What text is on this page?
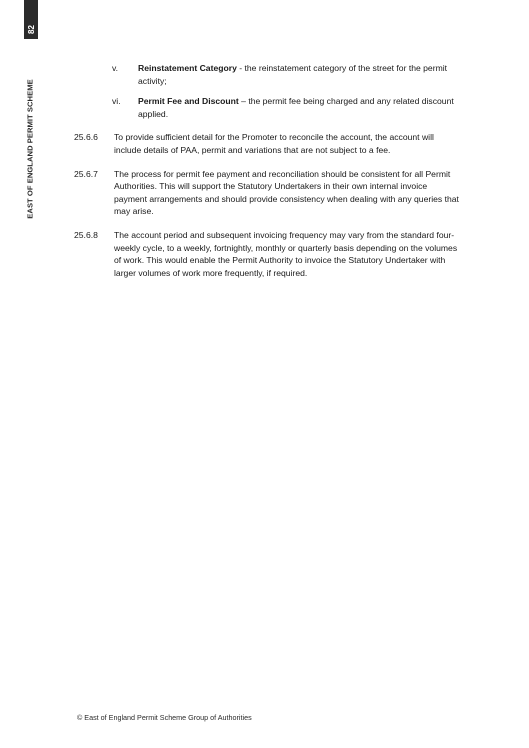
82
EAST OF ENGLAND PERMIT SCHEME
v.	Reinstatement Category - the reinstatement category of the street for the permit activity;
vi.	Permit Fee and Discount – the permit fee being charged and any related discount applied.
25.6.6	To provide sufficient detail for the Promoter to reconcile the account, the account will include details of PAA, permit and variations that are not subject to a fee.
25.6.7	The process for permit fee payment and reconciliation should be consistent for all Permit Authorities. This will support the Statutory Undertakers in their own internal invoice payment arrangements and should provide consistency when dealing with any queries that may arise.
25.6.8	The account period and subsequent invoicing frequency may vary from the standard four-weekly cycle, to a weekly, fortnightly, monthly or quarterly basis depending on the volumes of work. This would enable the Permit Authority to invoice the Statutory Undertaker with larger volumes of work more frequently, if required.
© East of England Permit Scheme Group of Authorities
